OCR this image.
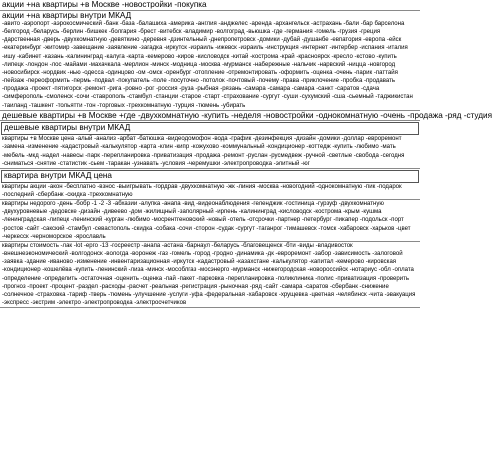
акции +на квартиры +в Москве -новостройки -покупка
акции +на квартиры внутри МКАД
-авито -аэропорт -аэрокосмический -банк -база -балашиха -америка -англия -анджелес -аренда -архангельск -астрахань -бали -бар барселона -белгород -беларусь -берлин -бишкек -болгария -брест -витебск -владимир -волгоград -вьюшка -где -германия -гомель -грузия -греция -дарственная -дверь -двухкомнатную -девяткино -деревня -дзинтельный -днепропетровск -домики -дубай -душанбе -евпатория -европа -ейск -екатеринбург -житомир -завещание -заявление -загадка -иркутск -израиль -ижевск -израиль -инструкция -интернет -интербер -испания -италия -ишу -кабинет -казань -калининград -калуга -карта -кемерово -киров -кисловодск -китай -кострома -край -красноярск -кресло -кстово -купить -липецк -лондон -лос -майами -махачкала -мерлион -минск -модница -москва -мурманск -набережные -нальчик -нарвский -ницца -новгород -новосибирск -нордвик -нью -одесса -одинцово -ом -омск -оренбург -отопление -отремонтировать -оформить -оценка -очень -парик -паттайя -пейзаж -переоформить -пермь -подвал -покупатель -поле -посуточно -потолок -почтовый -почему -права -приклочение -пробка -продавать -продажа -проект -пятигорск -ремонт -рига -ровно -рог -россия -руза -рыбная -рязань -самара -самара -самара -санкт -саратов -сдача -симферополь -смоленск -сочи -ставрополь -стамбул -станции -старое -старт -страхование -сургут -суши -сухумский -сша -сьемный -таджикистан -таиланд -ташкент -тольятти -тон -торговых -трехкомнатную -турция -тюмень -убирать
дешевые квартиры +в Москве +где -двухкомнатную -купить -неделя -новостройки -однокомнатную -очень -продажа -ряд -студия
дешевые квартиры внутри МКАД
квартиры +в Москве цена -алый -анализ -арбат -батюшка -видеодомофон -вода -график -дезинфекция -дизайн -домики -доллар -евроремонт -замена -изменение -кадастровый -калькулятор -карта -клин -кипр -кожухово -коммунальный -кондиционер -коттедж -купить -любимо -мать -мебель -мкд -надел -навесы -парк -перепланировка -приватизация -продажа -ремонт -руслан -русмедвеж -ручной -светлые -свобода -сегодня -сниматься -снятие -статистик -сьем -таракан -узнавать -условия -черемушки -электропроводка -элитный -юг
квартира внутри МКАД цена
квартиры акции -акон -бесплатно -взнос -выигрывать -гордрав -двухкомнатную -жк -линия -москва -новогодний -однокомнатную -пик -подарок -последний -сбербанк -скидка -трехкомнатную
квартиры недорого -день -бобр -1 -2 -3 -абхазии -алупка -анапа -вид -видеонаблюдения -геленджик -гостиница -гурзуф -двухкомнатную -двухуровневые -дедовске -дизайн -дивеево -дом -жилищный -заполярный -ирпень -калининград -кисловодск -кострома -крым -кушма -ленинградская -липецк -ленинский -курган -любимо -мосрентгеновский -новый -отель -отсрочки -партнер -петербург -пикапер -подольск -порт -ростов -сайт -сакский -стамбул -севастополь -скидка -собака -сочи -сторон -судак -сургут -таганрог -тимашевск -томск -хабаровск -харьков -цвет -черкесск -черноморское -ярославль
квартиры стоимость -лак -lot -ерго -13 -госреестр -анапа -астана -барнаул -беларусь -благовещенск -бти -виды -владивосток -внешнеэкономический -волгодонск -вологда -воронеж -газ -гомель -город -гродно -динамика -дк -евроремонт -забор -зависимость -залоговой -заявка -здание -иваново -изменение -инвентаризационная -иркутск -кадастровый -казахстане -калькулятор -капитал -кемерово -кировская -кондиционер -кошелёва -купить -ленинский -лиза -минск -мособлгаз -мосэнерго -мурманск -нижегородская -новороссийск -нотариус -обл -оплата -определение -определить -остаточная -оценить -оценка -пай -пакет -парковка -перепланировка -поликлиника -полис -приватизация -проверить -прогноз -проект -процент -раздел -расходы -расчет -реальная -регистрация -рыночная -ряд -сайт -самара -саратов -сбербанк -снижение -солнечное -страховка -тариф -тверь -тюмень -улучшение -услуги -уфа -федеральная -хабаровск -хрущевка -цветная -челябинск -чита -эвакуация -экспресс -экстрим -электро -электропроводка -электросчетчиков
